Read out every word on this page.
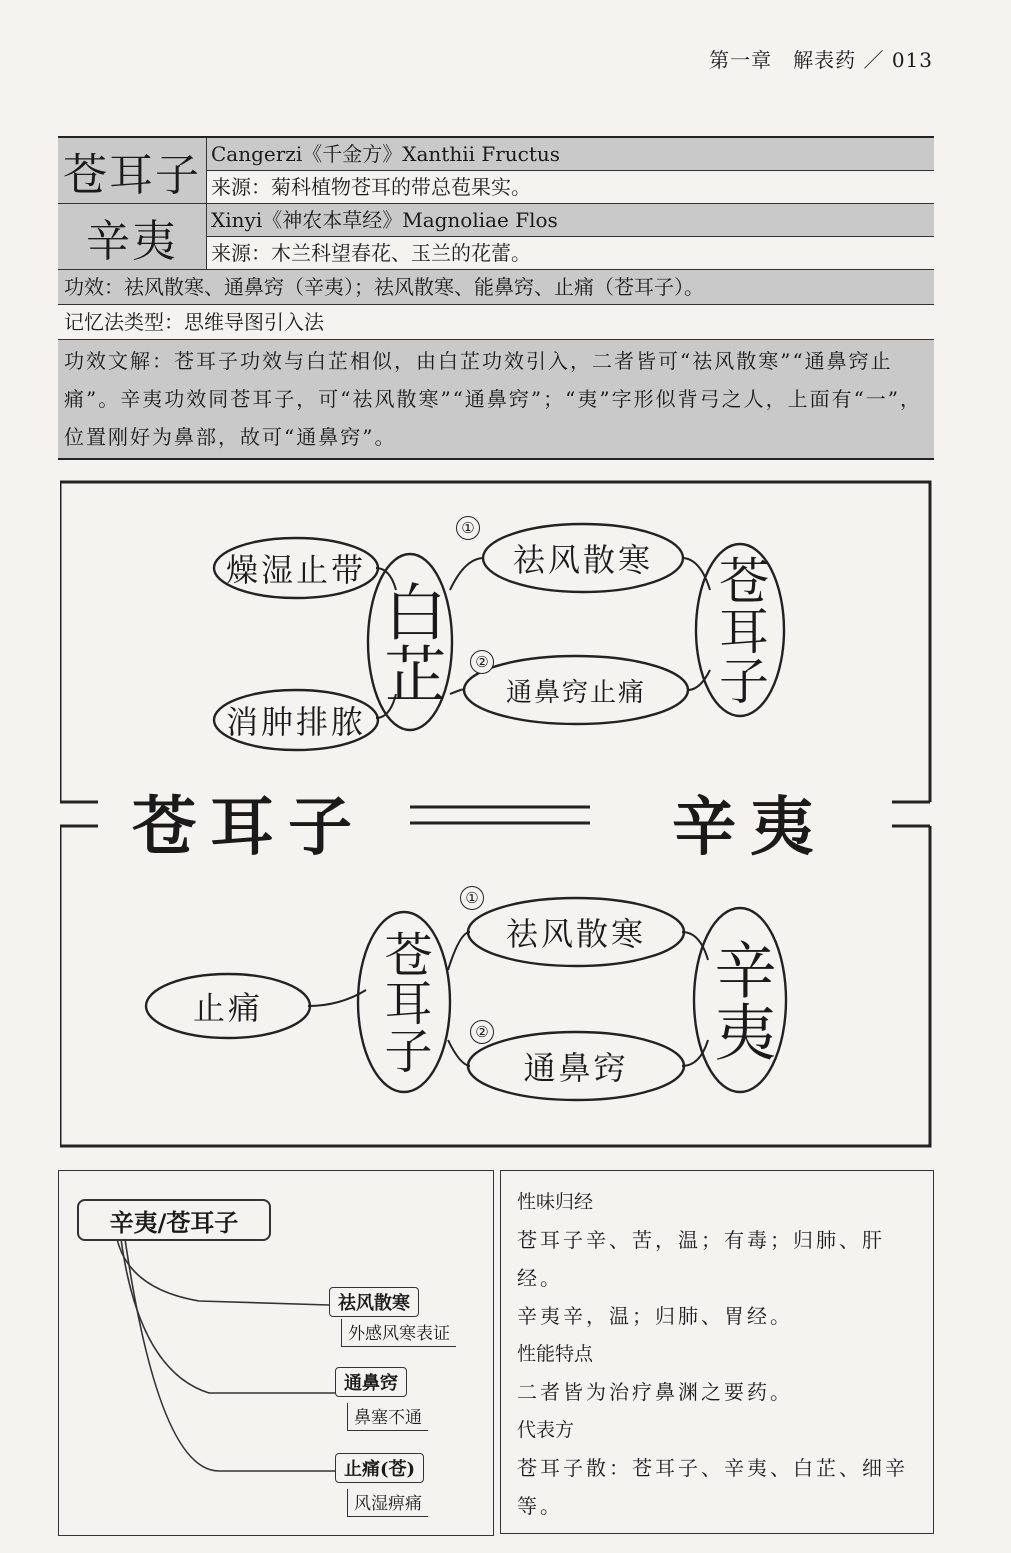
第一章　解表药 ／ 013
苍耳子 Cangerzi《千金方》Xanthii Fructus
来源：菊科植物苍耳的带总苞果实。
辛夷	Xinyi《神农本草经》Magnoliae Flos
来源：木兰科望春花、玉兰的花蕾。
功效：祛风散寒、通鼻窍（辛夷）；祛风散寒、能鼻窍、止痛（苍耳子）。
记忆法类型：思维导图引入法
功效文解：苍耳子功效与白芷相似，由白芷功效引入，二者皆可“祛风散寒”“通鼻窍止痛”。辛夷功效同苍耳子，可“祛风散寒”“通鼻窍”；“夷”字形似背弓之人，上面有“一”，位置刚好为鼻部，故可“通鼻窍”。
燥湿止带
消肿排脓
白芷
祛风散寒
通鼻窍止痛	苍耳子
①
②
苍耳子	辛夷
止痛	苍耳子	祛风散寒
通鼻窍
辛夷
①
②
辛夷/苍耳子
祛风散寒
外感风寒表证
通鼻窍
鼻塞不通
止痛(苍)
风湿痹痛
性味归经
苍耳子辛、苦，温；有毒；归肺、肝经。
辛夷辛，温；归肺、胃经。
性能特点
二者皆为治疗鼻渊之要药。
代表方
苍耳子散：苍耳子、辛夷、白芷、细辛等。
